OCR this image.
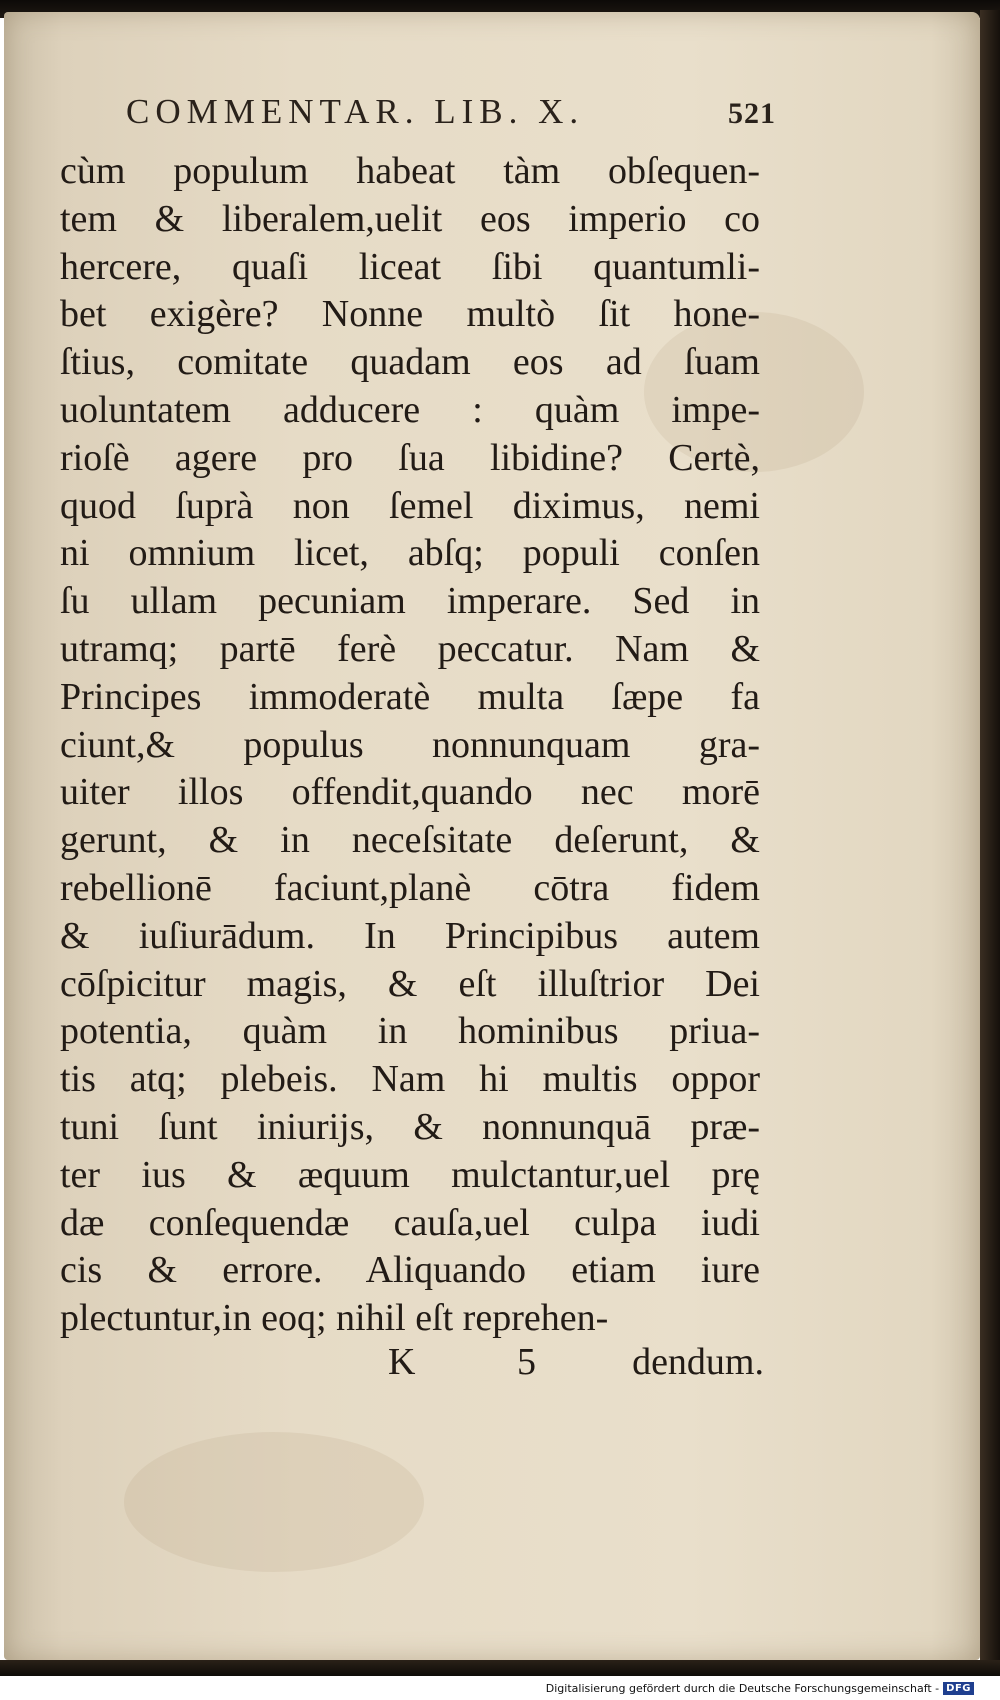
COMMENTAR. LIB. X.	521
cùm populum habeat tàm obſequen-
tem & liberalem,uelit eos imperio co
hercere, quaſi liceat ſibi quantumli-
bet exigère? Nonne multò ſit hone-
ſtius, comitate quadam eos ad ſuam
uoluntatem adducere : quàm impe-
rioſè agere pro ſua libidine? Certè,
quod ſuprà non ſemel diximus, nemi
ni omnium licet, abſq; populi conſen
ſu ullam pecuniam imperare. Sed in
utramq; partē ferè peccatur. Nam &
Principes immoderatè multa ſæpe fa
ciunt,& populus nonnunquam gra-
uiter illos offendit,quando nec morē
gerunt, & in neceſsitate deſerunt, &
rebellionē faciunt,planè cōtra fidem
& iuſiurādum. In Principibus autem
cōſpicitur magis, & eſt illuſtrior Dei
potentia, quàm in hominibus priua-
tis atq; plebeis. Nam hi multis oppor
tuni ſunt iniurijs, & nonnunquā præ-
ter ius & æquum mulctantur,uel prę
dæ conſequendæ cauſa,uel culpa iudi
cis & errore. Aliquando etiam iure
plectuntur,in eoq; nihil eſt reprehen-
K 5 dendum.
Digitalisierung gefördert durch die Deutsche Forschungsgemeinschaft - DFG
